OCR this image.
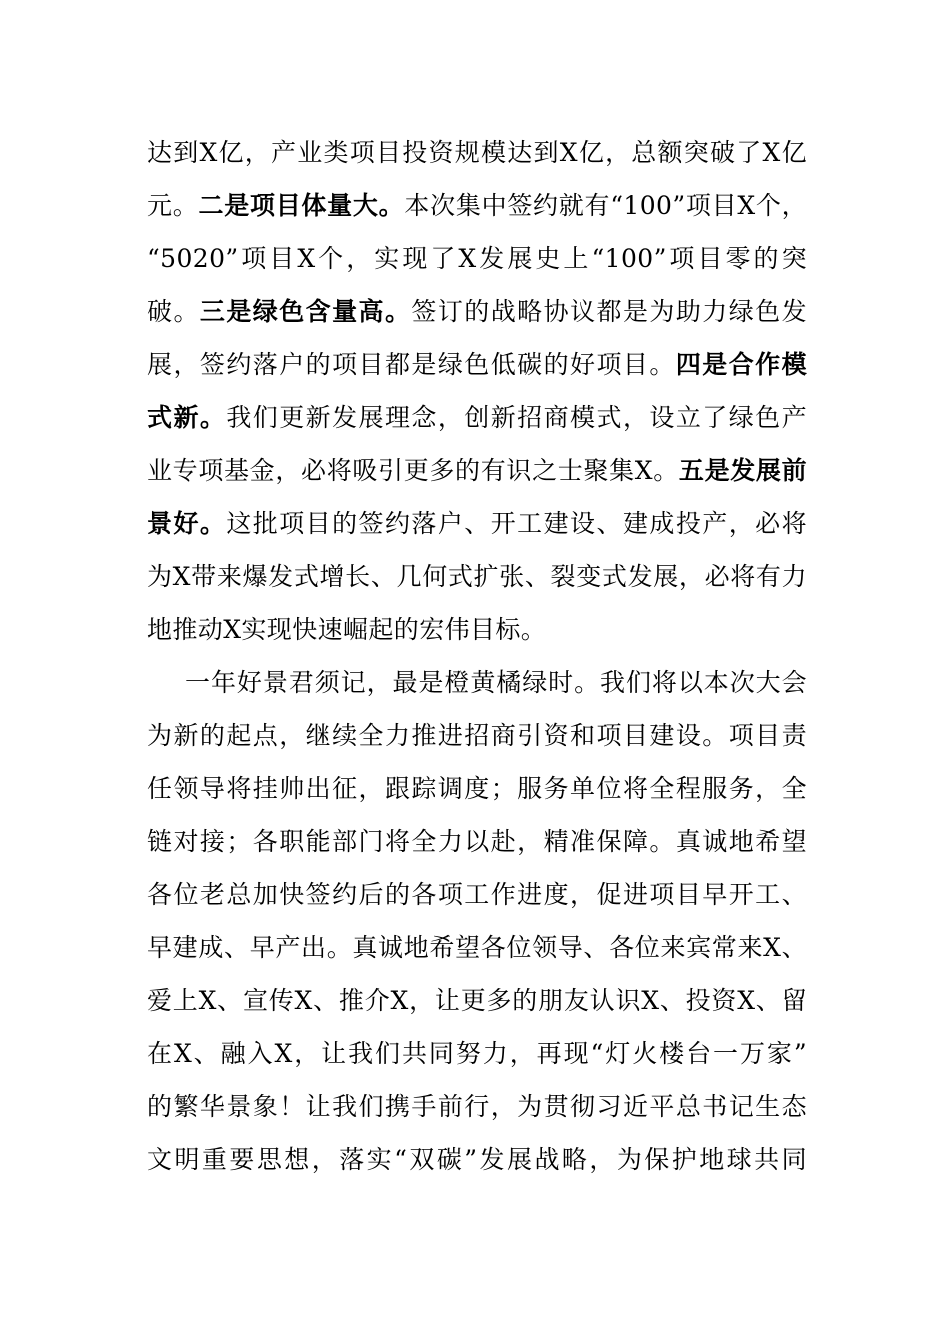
达到X亿，产业类项目投资规模达到X亿，总额突破了X亿
元。二是项目体量大。本次集中签约就有“100”项目X个，
“5020”项目X个，实现了X发展史上“100”项目零的突
破。三是绿色含量高。签订的战略协议都是为助力绿色发
展，签约落户的项目都是绿色低碳的好项目。四是合作模
式新。我们更新发展理念，创新招商模式，设立了绿色产
业专项基金，必将吸引更多的有识之士聚集X。五是发展前
景好。这批项目的签约落户、开工建设、建成投产，必将
为X带来爆发式增长、几何式扩张、裂变式发展，必将有力
地推动X实现快速崛起的宏伟目标。
一年好景君须记，最是橙黄橘绿时。我们将以本次大会
为新的起点，继续全力推进招商引资和项目建设。项目责
任领导将挂帅出征，跟踪调度；服务单位将全程服务，全
链对接；各职能部门将全力以赴，精准保障。真诚地希望
各位老总加快签约后的各项工作进度，促进项目早开工、
早建成、早产出。真诚地希望各位领导、各位来宾常来X、
爱上X、宣传X、推介X，让更多的朋友认识X、投资X、留
在X、融入X，让我们共同努力，再现“灯火楼台一万家”
的繁华景象！让我们携手前行，为贯彻习近平总书记生态
文明重要思想，落实“双碳”发展战略，为保护地球共同
